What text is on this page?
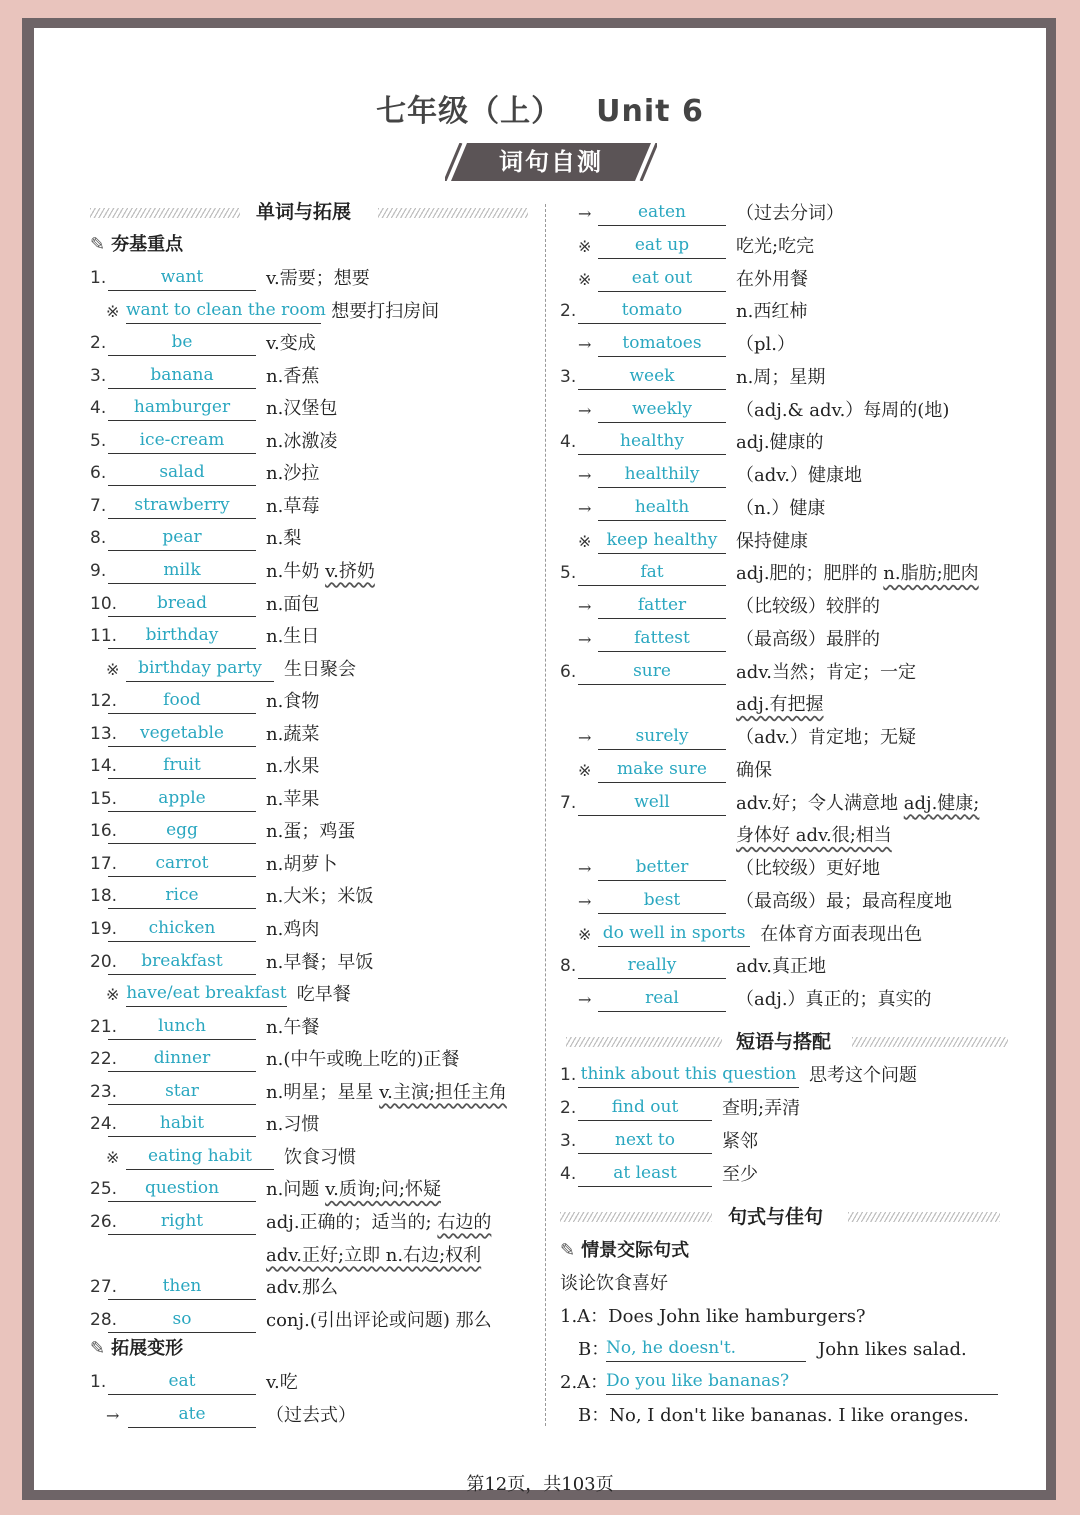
七年级（上） Unit 6
词句自测
单词与拓展
✎ 夯基重点
1.	want	v.需要；想要
※ want to clean the room 想要打扫房间
2.	be	v.变成
3.	banana	n.香蕉
4.	hamburger	n.汉堡包
5.	ice-cream	n.冰激凌
6.	salad	n.沙拉
7.	strawberry	n.草莓
8.	pear	n.梨
9.	milk	n.牛奶 v.挤奶
10.	bread	n.面包
11.	birthday	n.生日
※	birthday party	生日聚会
12.	food	n.食物
13.	vegetable	n.蔬菜
14.	fruit	n.水果
15.	apple	n.苹果
16.	egg	n.蛋；鸡蛋
17.	carrot	n.胡萝卜
18.	rice	n.大米；米饭
19.	chicken	n.鸡肉
20.	breakfast	n.早餐；早饭
※ have/eat breakfast 吃早餐
21.	lunch	n.午餐
22.	dinner	n.(中午或晚上吃的)正餐
23.	star	n.明星；星星 v.主演;担任主角
24.	habit	n.习惯
※	eating habit	饮食习惯
25.	question	n.问题 v.质询;问;怀疑
26.	right	adj.正确的；适当的; 右边的
adv.正好;立即 n.右边;权利
27.	then	adv.那么
28.	so	conj.(引出评论或问题) 那么
✎ 拓展变形
1.	eat	v.吃
→	ate	（过去式）
→	eaten	（过去分词）
※	eat up	吃光;吃完
※	eat out	在外用餐
2.	tomato	n.西红柿
→	tomatoes	（pl.）
3.	week	n.周；星期
→	weekly	（adj.& adv.）每周的(地)
4.	healthy	adj.健康的
→	healthily	（adv.）健康地
→	health	（n.）健康
※ keep healthy	保持健康
5.	fat	adj.肥的；肥胖的 n.脂肪;肥肉
→	fatter	（比较级）较胖的
→	fattest	（最高级）最胖的
6.	sure	adv.当然；肯定；一定
adj.有把握
→	surely	（adv.）肯定地；无疑
※	make sure	确保
7.	well	adv.好；令人满意地 adj.健康;
身体好 adv.很;相当
→	better	（比较级）更好地
→	best	（最高级）最；最高程度地
※ do well in sports 在体育方面表现出色
8.	really	adv.真正地
→	real	（adj.）真正的；真实的
短语与搭配
1. think about this question 思考这个问题
2.	find out	查明;弄清
3.	next to	紧邻
4.	at least	至少
句式与佳句
✎ 情景交际句式
谈论饮食喜好
1.A：Does John like hamburgers?
B：
No, he doesn't.	John likes salad.
2.A：
Do you like bananas?
B：No, I don't like bananas. I like oranges.
第12页，共103页
